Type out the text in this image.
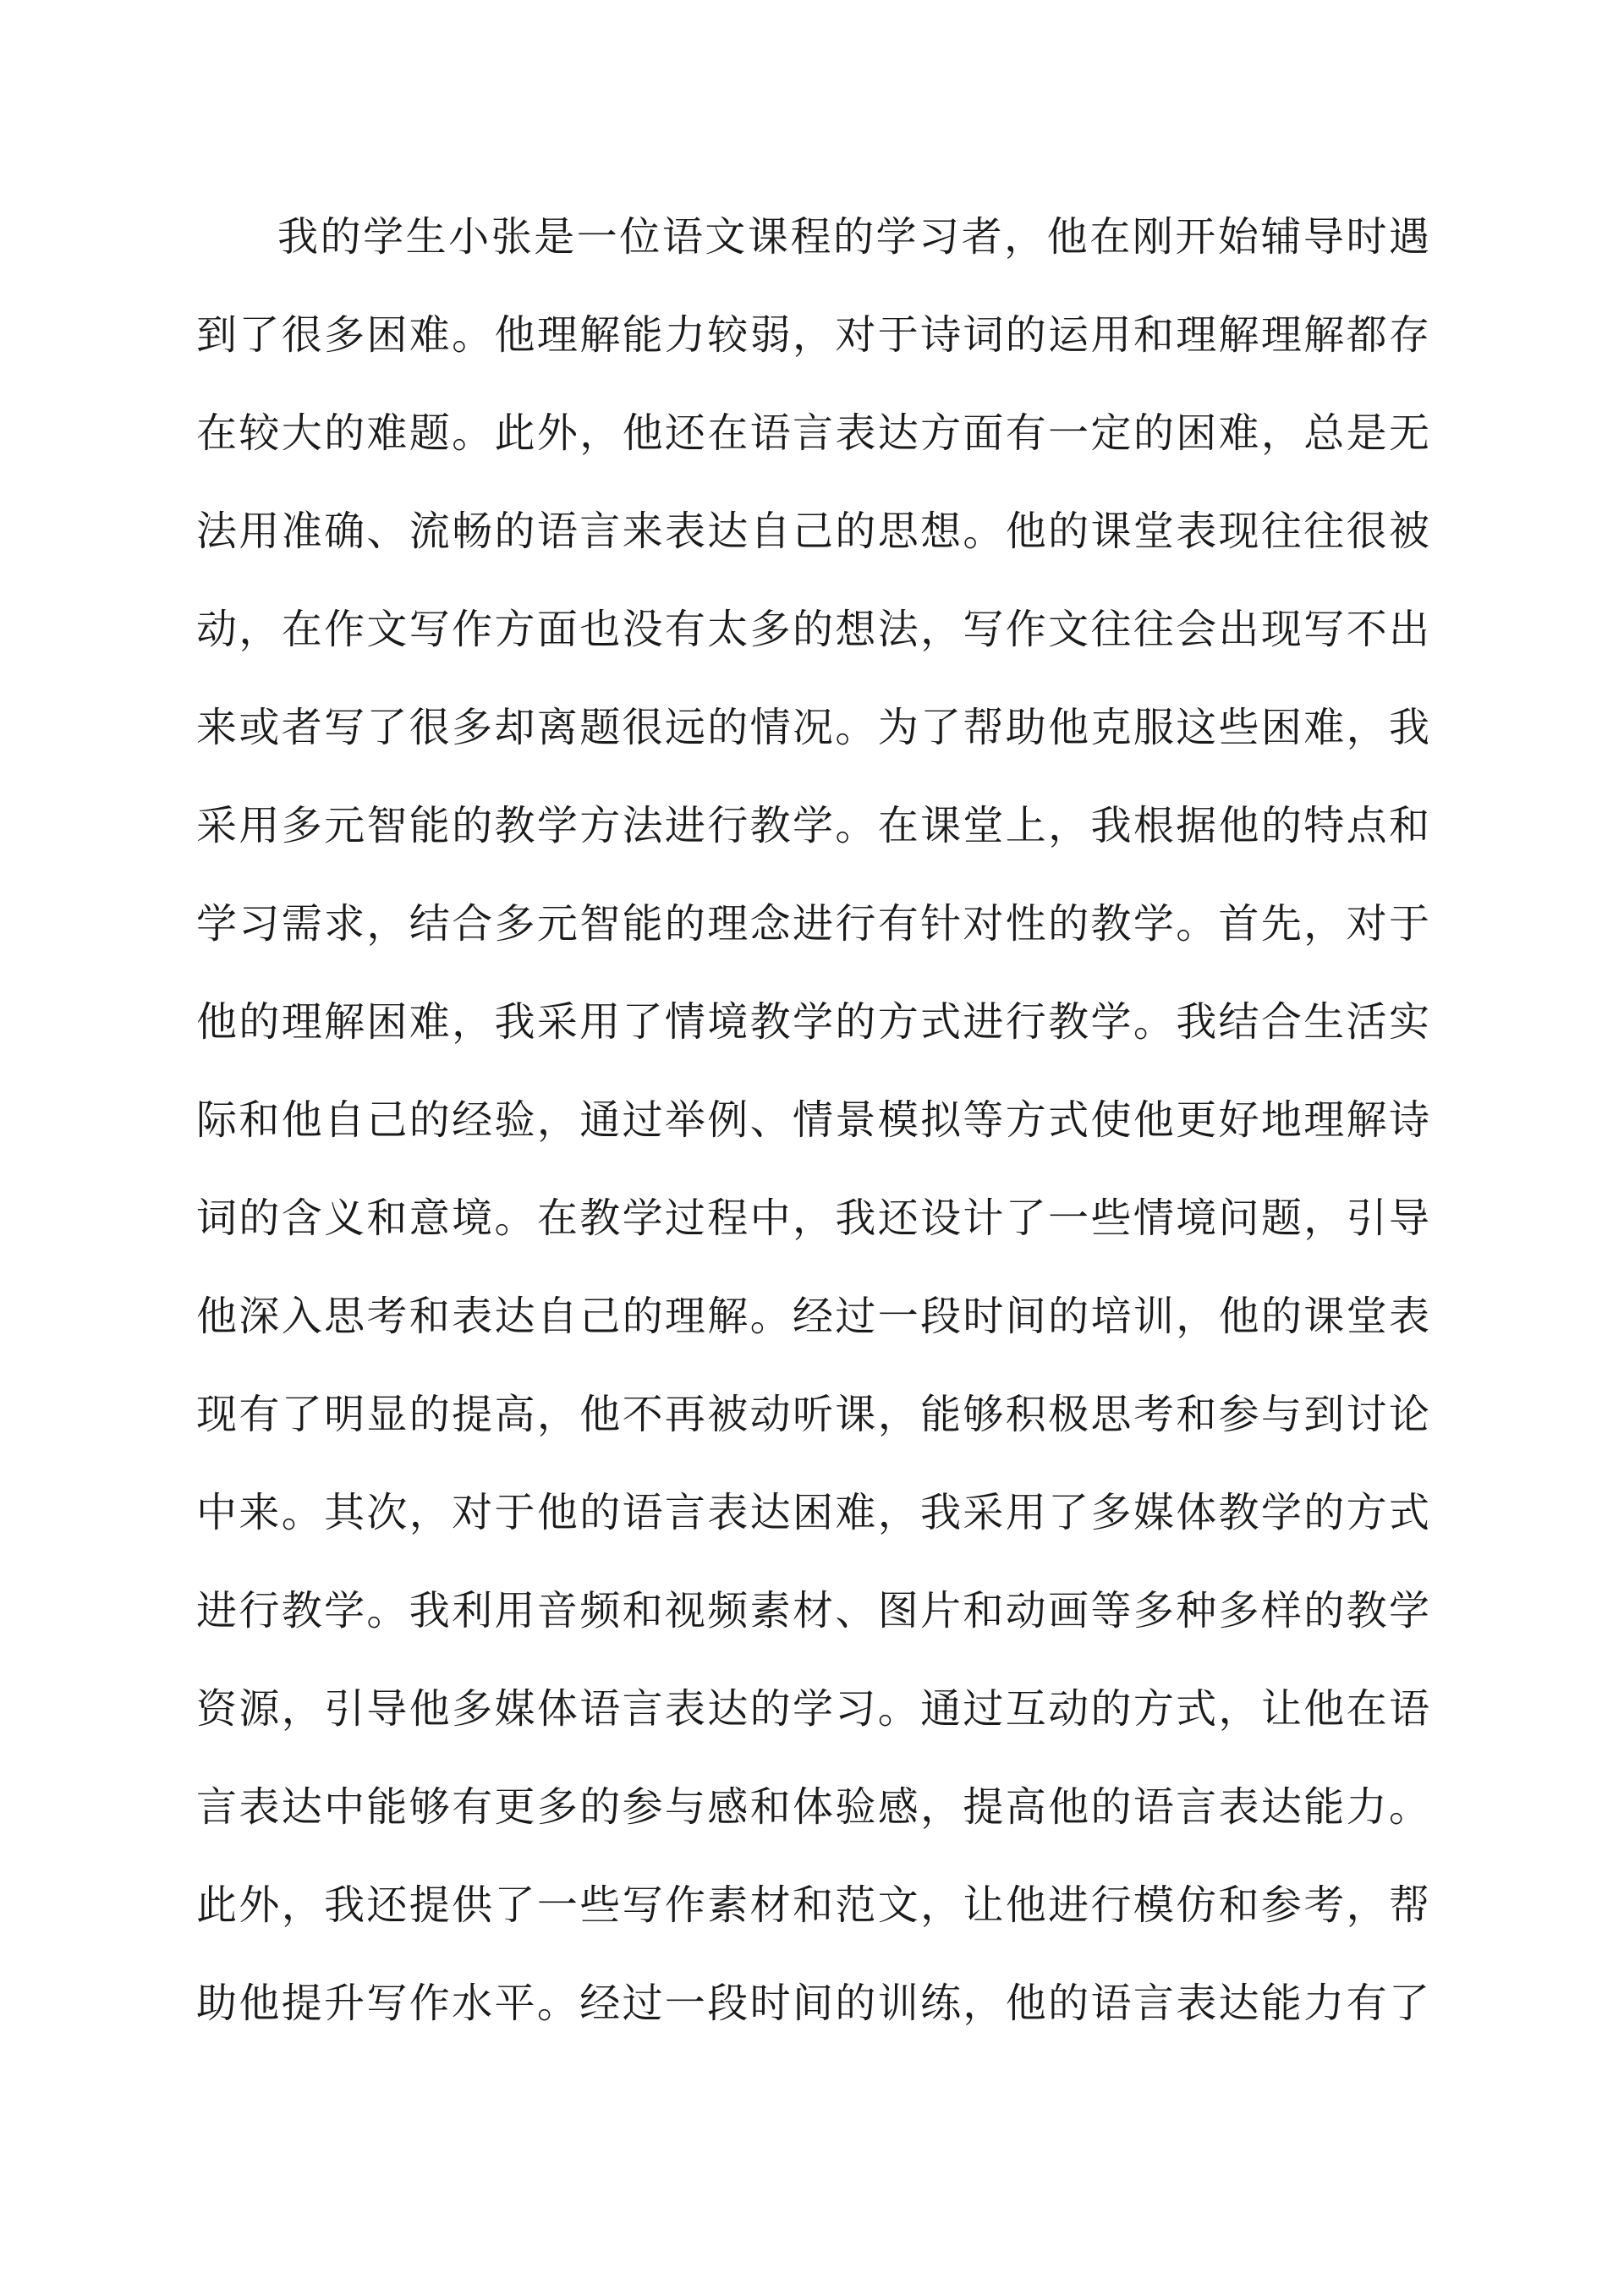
我的学生小张是一位语文课程的学习者，他在刚开始辅导时遇
到了很多困难。他理解能力较弱，对于诗词的运用和理解理解都存
在较大的难题。此外，他还在语言表达方面有一定的困难，总是无
法用准确、流畅的语言来表达自己的思想。他的课堂表现往往很被
动，在作文写作方面也没有太多的想法，写作文往往会出现写不出
来或者写了很多却离题很远的情况。为了帮助他克服这些困难，我
采用多元智能的教学方法进行教学。在课堂上，我根据他的特点和
学习需求，结合多元智能的理念进行有针对性的教学。首先，对于
他的理解困难，我采用了情境教学的方式进行教学。我结合生活实
际和他自己的经验，通过举例、情景模拟等方式使他更好地理解诗
词的含义和意境。在教学过程中，我还设计了一些情境问题，引导
他深入思考和表达自己的理解。经过一段时间的培训，他的课堂表
现有了明显的提高，他不再被动听课，能够积极思考和参与到讨论
中来。其次，对于他的语言表达困难，我采用了多媒体教学的方式
进行教学。我利用音频和视频素材、图片和动画等多种多样的教学
资源，引导他多媒体语言表达的学习。通过互动的方式，让他在语
言表达中能够有更多的参与感和体验感，提高他的语言表达能力。
此外，我还提供了一些写作素材和范文，让他进行模仿和参考，帮
助他提升写作水平。经过一段时间的训练，他的语言表达能力有了
